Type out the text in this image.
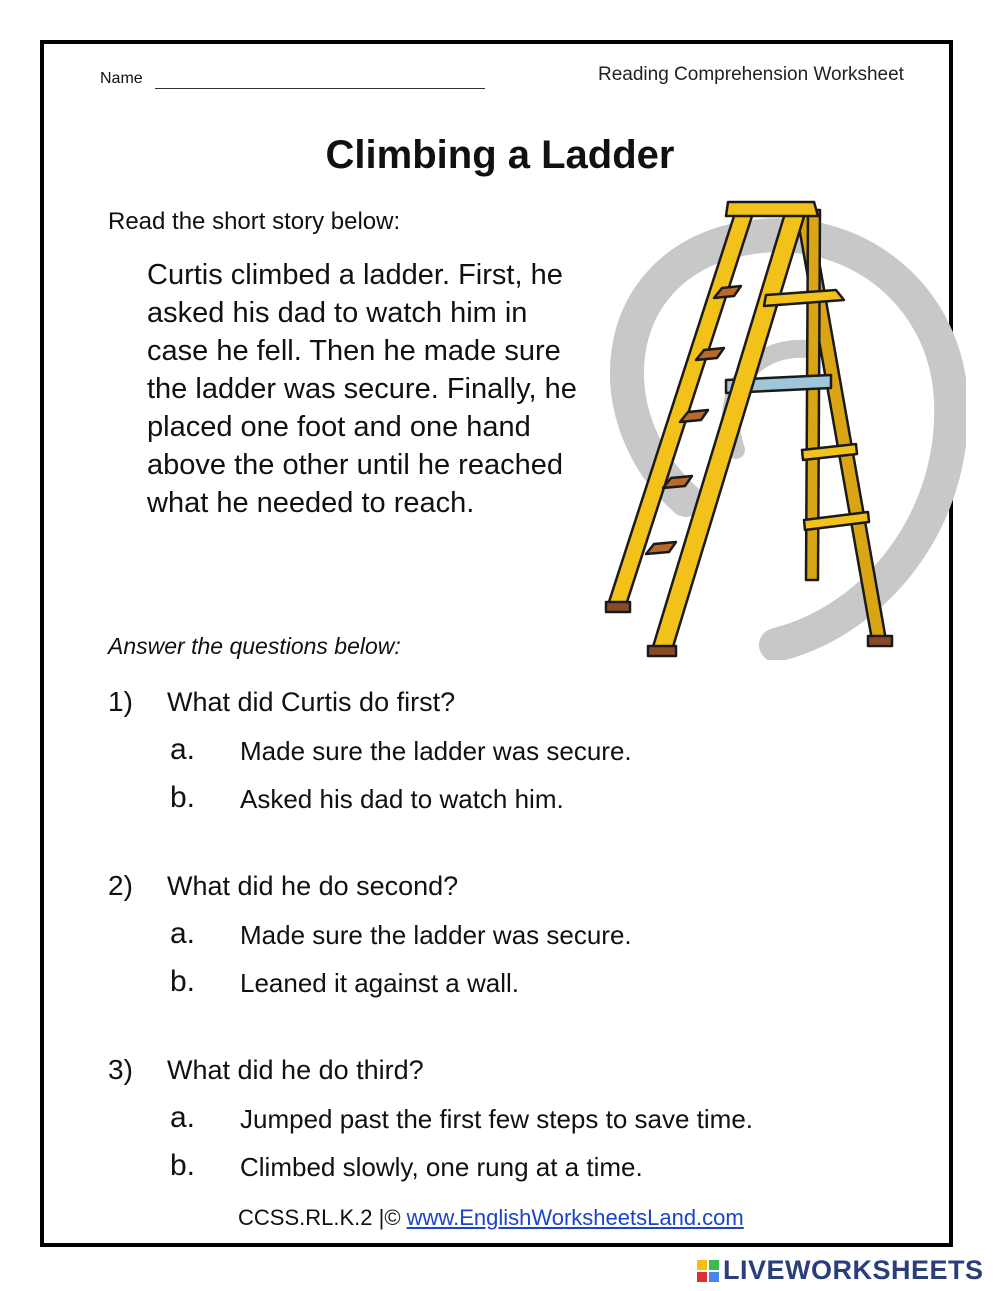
Name	Reading Comprehension Worksheet
Climbing a Ladder
Read the short story below:
Curtis climbed a ladder. First, he asked his dad to watch him in case he fell. Then he made sure the ladder was secure. Finally, he placed one foot and one hand above the other until he reached what he needed to reach.
Answer the questions below:
1) What did Curtis do first?
a. Made sure the ladder was secure.
b. Asked his dad to watch him.
2) What did he do second?
a. Made sure the ladder was secure.
b. Leaned it against a wall.
3) What did he do third?
a. Jumped past the first few steps to save time.
b. Climbed slowly, one rung at a time.
CCSS.RL.K.2 |© www.EnglishWorksheetsLand.com
LIVEWORKSHEETS
